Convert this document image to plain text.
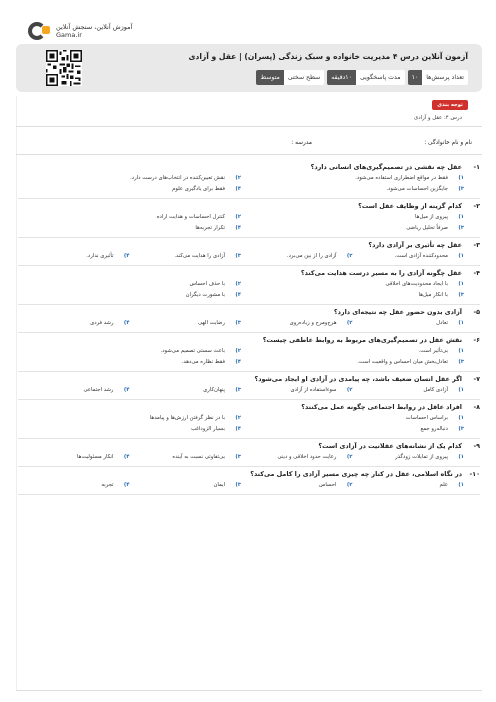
آموزش آنلاین، سنجش آنلاین
Gama.ir
آزمون آنلاین درس ۴ مدیریت خانواده و سبک زندگی (پسران) | عقل و آزادی
تعداد پرسش‌ها
۱۰
مدت پاسخگویی
۱۰دقیقه
سطح سختی
متوسط
توجه بندی
درس ۴: عقل و آزادی
نام و نام خانوادگی :
مدرسه :
۱-
عقل چه نقشی در تصمیم‌گیری‌های انسانی دارد؟
۱)
فقط در مواقع اضطراری استفاده می‌شود.
۲)
نقش تعیین‌کننده در انتخاب‌های درست دارد.
۳)
جایگزین احساسات می‌شود.
۴)
فقط برای یادگیری علوم
۲-
کدام گزینه از وظایف عقل است؟
۱)
پیروی از میل‌ها
۲)
کنترل احساسات و هدایت اراده
۳)
صرفاً تحلیل ریاضی
۴)
تکرار تجربه‌ها
۳-
عقل چه تأثیری بر آزادی دارد؟
۱)
محدودکننده آزادی است.
۲)
آزادی را از بین می‌برد.
۳)
آزادی را هدایت می‌کند.
۴)
تأثیری ندارد.
۴-
عقل چگونه آزادی را به مسیر درست هدایت می‌کند؟
۱)
با ایجاد محدودیت‌های اخلاقی
۲)
با حذف احساس
۳)
با انکار میل‌ها
۴)
با مشورت دیگران
۵-
آزادی بدون حضور عقل چه نتیجه‌ای دارد؟
۱)
تعادل
۲)
هرج‌ومرج و زیاده‌روی
۳)
رضایت الهی
۴)
رشد فردی
۶-
نقش عقل در تصمیم‌گیری‌های مربوط به روابط عاطفی چیست؟
۱)
بی‌تأثیر است.
۲)
باعث سستی تصمیم می‌شود.
۳)
تعادل‌بخش میان احساس و واقعیت است.
۴)
فقط نظاره می‌دهد.
۷-
اگر عقل انسان ضعیف باشد، چه پیامدی در آزادی او ایجاد می‌شود؟
۱)
آزادی کامل
۲)
سوءاستفاده از آزادی
۳)
پنهان‌کاری
۴)
رشد اجتماعی
۸-
افراد عاقل در روابط اجتماعی چگونه عمل می‌کنند؟
۱)
براساس احساسات
۲)
با در نظر گرفتن ارزش‌ها و پیامدها
۳)
دنباله‌رو جمع
۴)
بسیار الزوداغب
۹-
کدام یک از نشانه‌های عقلانیت در آزادی است؟
۱)
پیروی از تمایلات زودگذر
۲)
رعایت حدود اخلاقی و دینی
۳)
بی‌تفاوتی نسبت به آینده
۴)
انکار مسئولیت‌ها
۱۰-
در نگاه اسلامی، عقل در کنار چه چیزی مسیر آزادی را کامل می‌کند؟
۱)
علم
۲)
احساس
۳)
ایمان
۴)
تجربه
